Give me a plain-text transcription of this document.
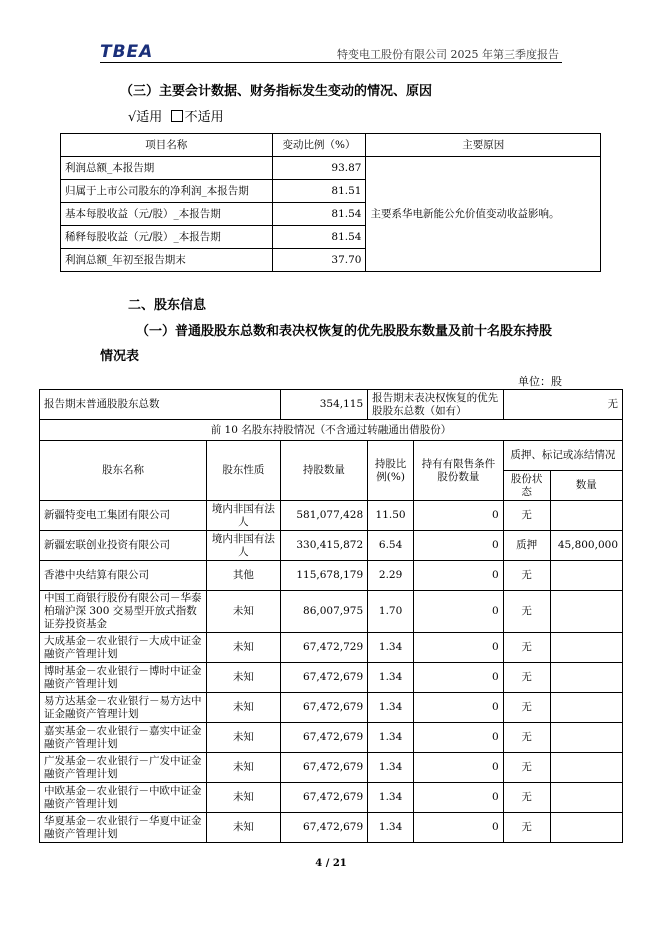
TBEA	特变电工股份有限公司 2025 年第三季度报告
（三）主要会计数据、财务指标发生变动的情况、原因
√适用 不适用
项目名称	变动比例（%）	主要原因
利润总额_本报告期	93.87	主要系华电新能公允价值变动收益影响。
归属于上市公司股东的净利润_本报告期	81.51	
基本每股收益（元/股）_本报告期	81.54	
稀释每股收益（元/股）_本报告期	81.54	
利润总额_年初至报告期末	37.70	
二、股东信息
（一）普通股股东总数和表决权恢复的优先股股东数量及前十名股东持股
情况表
单位：股
报告期末普通股股东总数		354,115	报告期末表决权恢复的优先股股东总数（如有）		无	
前 10 名股东持股情况（不含通过转融通出借股份）						
股东名称	股东性质	持股数量	持股比例(%)	持有有限售条件股份数量	质押、标记或冻结情况	
					股份状态	数量
新疆特变电工集团有限公司	境内非国有法人	581,077,428	11.50	0	无	
新疆宏联创业投资有限公司	境内非国有法人	330,415,872	6.54	0	质押	45,800,000
香港中央结算有限公司	其他	115,678,179	2.29	0	无	
中国工商银行股份有限公司－华泰柏瑞沪深 300 交易型开放式指数证券投资基金	未知	86,007,975	1.70	0	无	
大成基金－农业银行－大成中证金融资产管理计划	未知	67,472,729	1.34	0	无	
博时基金－农业银行－博时中证金融资产管理计划	未知	67,472,679	1.34	0	无	
易方达基金－农业银行－易方达中证金融资产管理计划	未知	67,472,679	1.34	0	无	
嘉实基金－农业银行－嘉实中证金融资产管理计划	未知	67,472,679	1.34	0	无	
广发基金－农业银行－广发中证金融资产管理计划	未知	67,472,679	1.34	0	无	
中欧基金－农业银行－中欧中证金融资产管理计划	未知	67,472,679	1.34	0	无	
华夏基金－农业银行－华夏中证金融资产管理计划	未知	67,472,679	1.34	0	无	
4 / 21
